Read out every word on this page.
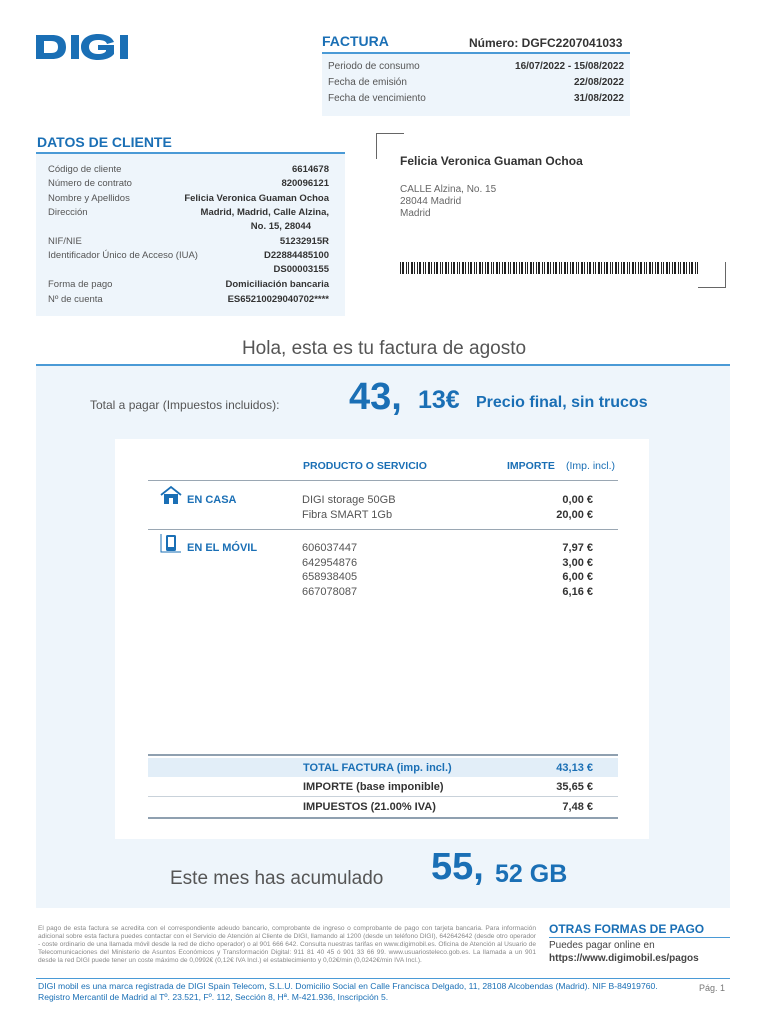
FACTURA	Número: DGFC2207041033
Periodo de consumo	16/07/2022 - 15/08/2022
Fecha de emisión	22/08/2022
Fecha de vencimiento	31/08/2022
DATOS DE CLIENTE
Código de cliente	6614678
Número de contrato	820096121
Nombre y Apellidos	Felicia Veronica Guaman Ochoa
Dirección	Madrid, Madrid, Calle Alzina,
No. 15, 28044
NIF/NIE	51232915R
Identificador Único de Acceso (IUA)	D22884485100
DS00003155
Forma de pago	Domiciliación bancaria
Nº de cuenta	ES65210029040702****
Felicia Veronica Guaman Ochoa
CALLE Alzina, No. 15
28044 Madrid
Madrid
Hola, esta es tu factura de agosto
Total a pagar (Impuestos incluidos): 43, 13€ Precio final, sin trucos
PRODUCTO O SERVICIO	IMPORTE (Imp. incl.)
EN CASA	DIGI storage 50GB	0,00 €
Fibra SMART 1Gb	20,00 €
EN EL MÓVIL	606037447	7,97 €
642954876	3,00 €
658938405	6,00 €
667078087	6,16 €
TOTAL FACTURA (imp. incl.)	43,13 €
IMPORTE (base imponible)	35,65 €
IMPUESTOS (21.00% IVA)	7,48 €
Este mes has acumulado 55, 52 GB
El pago de esta factura se acredita con el correspondiente adeudo bancario, comprobante de ingreso o comprobante de pago con tarjeta bancaria. Para información adicional sobre esta factura puedes contactar con el Servicio de Atención al Cliente de DIGI, llamando al 1200 (desde un teléfono DIGI), 642642642 (desde otro operador - coste ordinario de una llamada móvil desde la red de dicho operador) o al 901 666 642. Consulta nuestras tarifas en www.digimobil.es. Oficina de Atención al Usuario de Telecomunicaciones del Ministerio de Asuntos Económicos y Transformación Digital: 911 81 40 45 ó 901 33 66 99. www.usuariosteleco.gob.es. La llamada a un 901 desde la red DIGI puede tener un coste máximo de 0,0992€ (0,12€ IVA Incl.) el establecimiento y 0,02€/min (0,0242€/min IVA Incl.).
OTRAS FORMAS DE PAGO
Puedes pagar online en
https://www.digimobil.es/pagos
DIGI mobil es una marca registrada de DIGI Spain Telecom, S.L.U. Domicilio Social en Calle Francisca Delgado, 11, 28108 Alcobendas (Madrid). NIF B-84919760.
Registro Mercantil de Madrid al Tº. 23.521, Fº. 112, Sección 8, Hª. M-421.936, Inscripción 5.
Pág. 1
